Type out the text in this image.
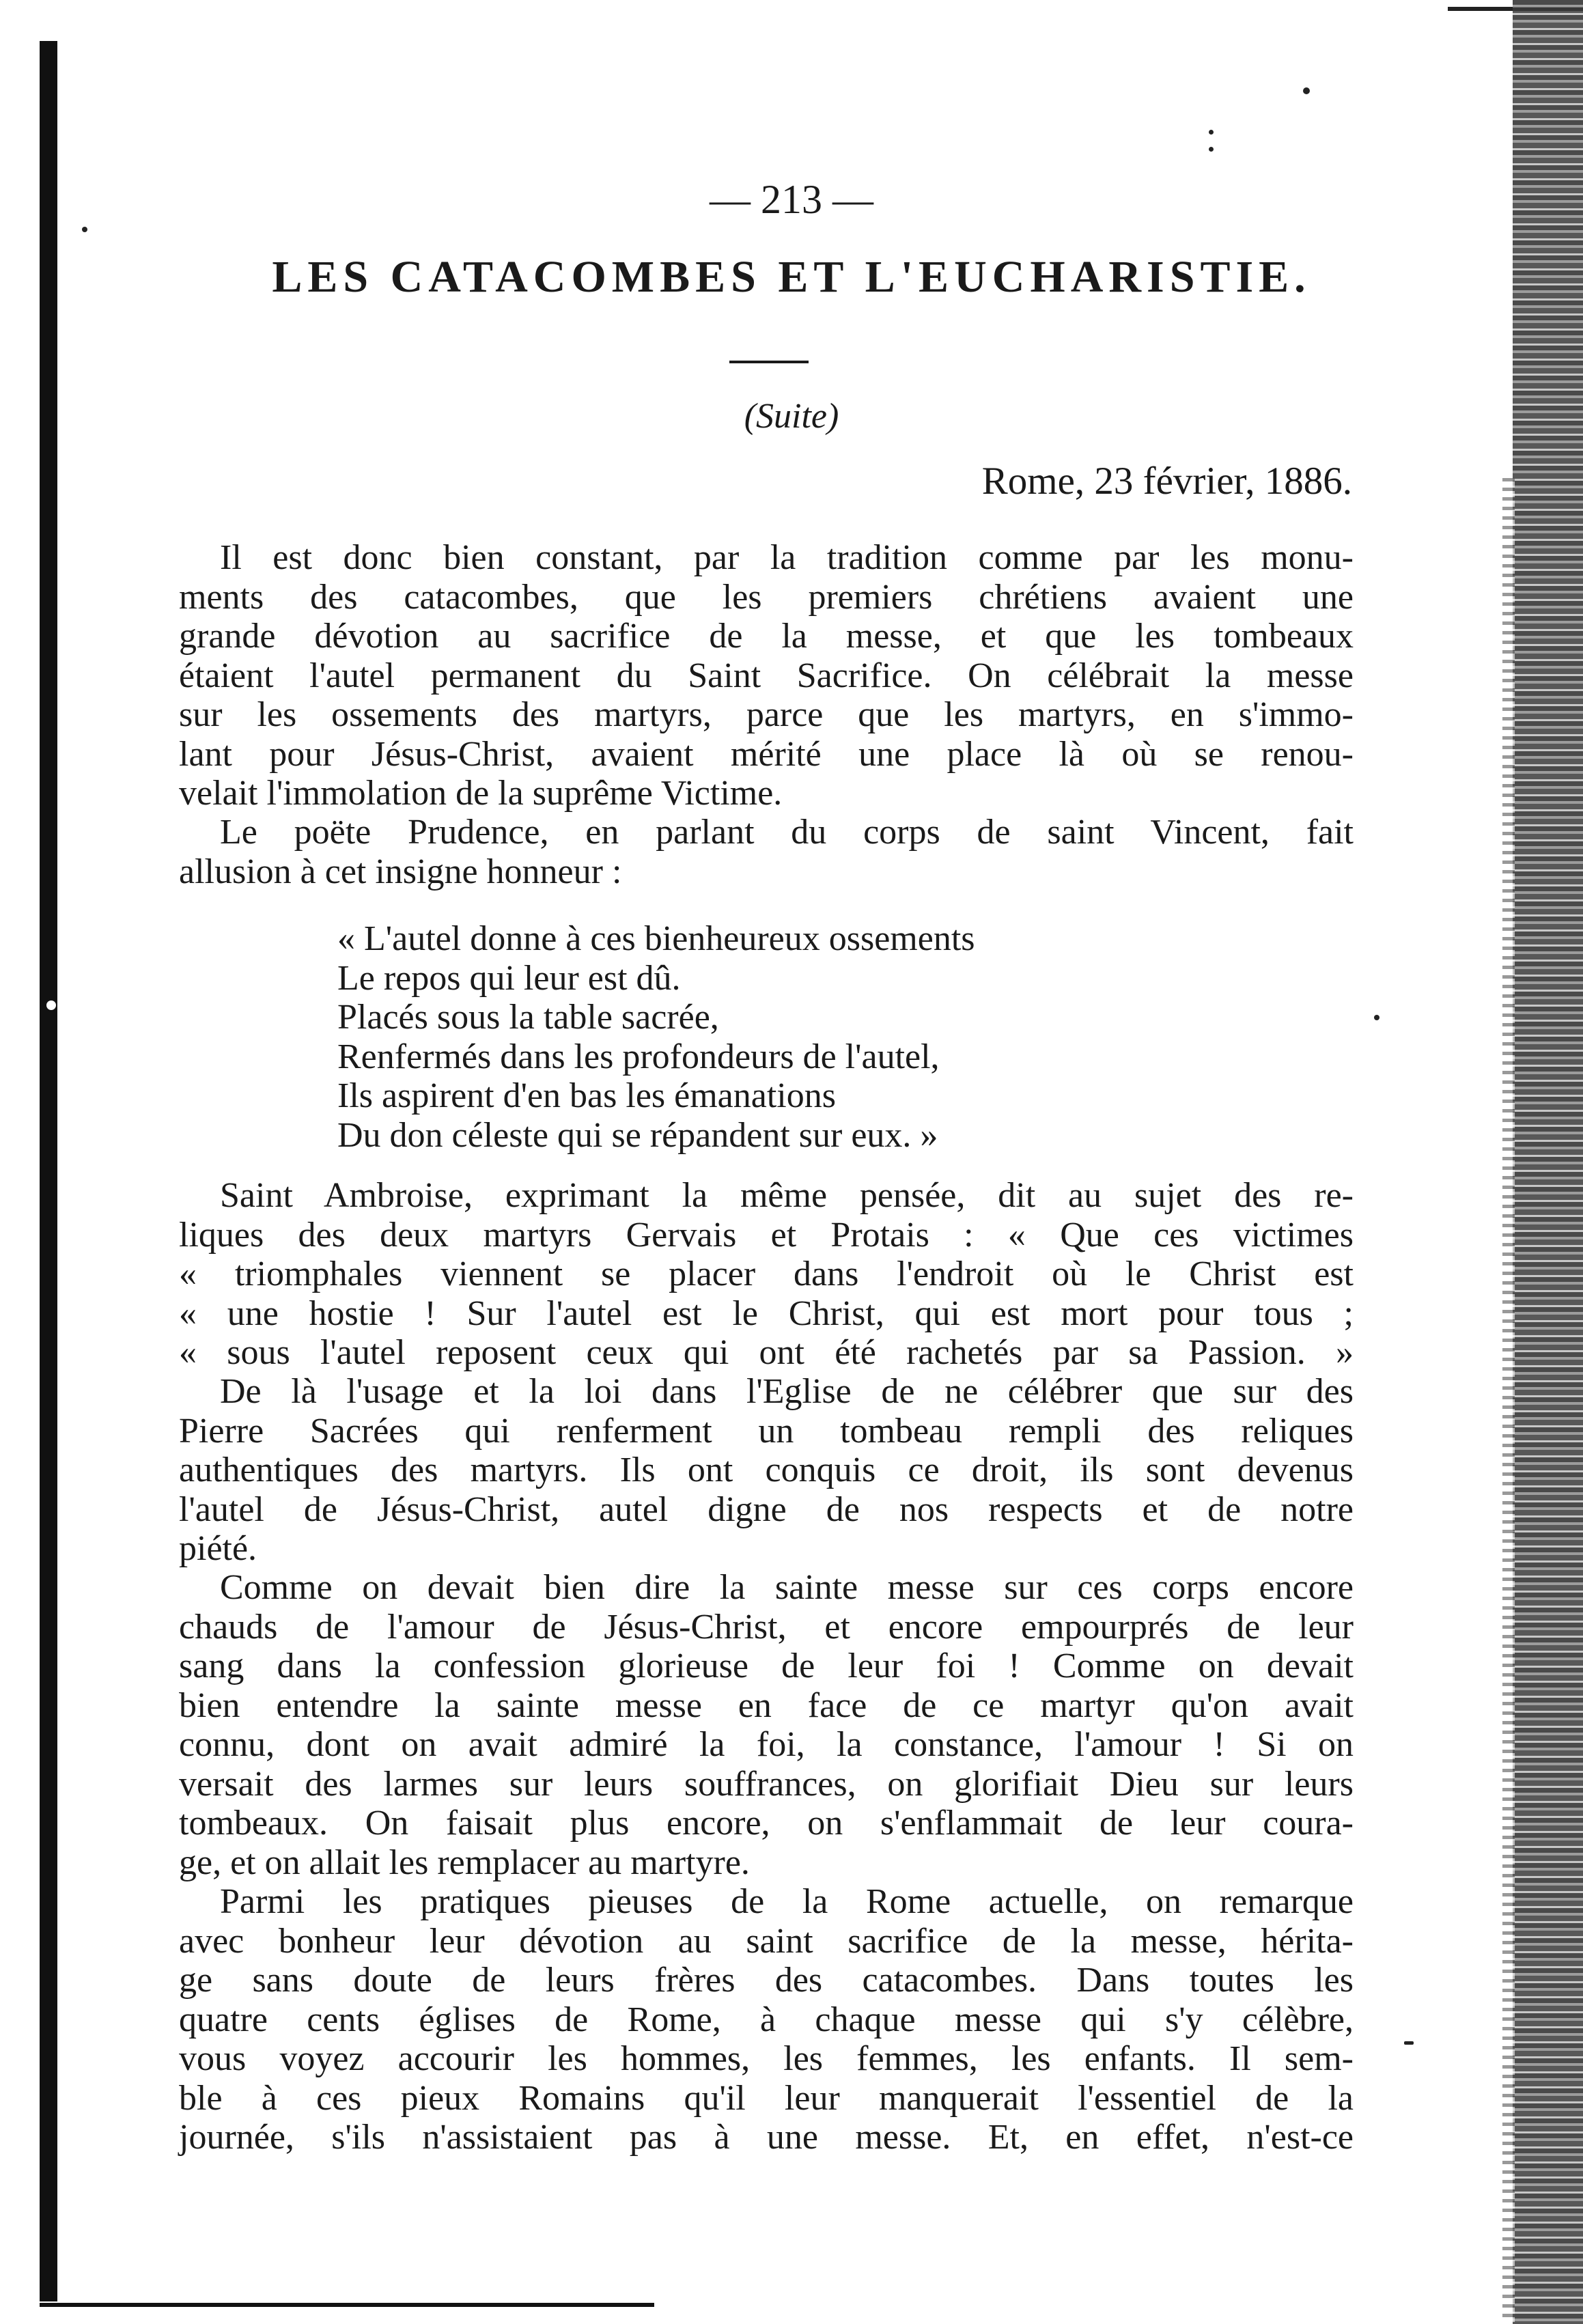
— 213 —
LES CATACOMBES ET L'EUCHARISTIE.
(Suite)
Rome, 23 février, 1886.
Il est donc bien constant, par la tradition comme par les monu-
ments des catacombes, que les premiers chrétiens avaient une
grande dévotion au sacrifice de la messe, et que les tombeaux
étaient l'autel permanent du Saint Sacrifice. On célébrait la messe
sur les ossements des martyrs, parce que les martyrs, en s'immo-
lant pour Jésus-Christ, avaient mérité une place là où se renou-
velait l'immolation de la suprême Victime.
Le poëte Prudence, en parlant du corps de saint Vincent, fait
allusion à cet insigne honneur :
« L'autel donne à ces bienheureux ossements
Le repos qui leur est dû.
Placés sous la table sacrée,
Renfermés dans les profondeurs de l'autel,
Ils aspirent d'en bas les émanations
Du don céleste qui se répandent sur eux. »
Saint Ambroise, exprimant la même pensée, dit au sujet des re-
liques des deux martyrs Gervais et Protais : « Que ces victimes
« triomphales viennent se placer dans l'endroit où le Christ est
« une hostie ! Sur l'autel est le Christ, qui est mort pour tous ;
« sous l'autel reposent ceux qui ont été rachetés par sa Passion. »
De là l'usage et la loi dans l'Eglise de ne célébrer que sur des
Pierre Sacrées qui renferment un tombeau rempli des reliques
authentiques des martyrs. Ils ont conquis ce droit, ils sont devenus
l'autel de Jésus-Christ, autel digne de nos respects et de notre
piété.
Comme on devait bien dire la sainte messe sur ces corps encore
chauds de l'amour de Jésus-Christ, et encore empourprés de leur
sang dans la confession glorieuse de leur foi ! Comme on devait
bien entendre la sainte messe en face de ce martyr qu'on avait
connu, dont on avait admiré la foi, la constance, l'amour ! Si on
versait des larmes sur leurs souffrances, on glorifiait Dieu sur leurs
tombeaux. On faisait plus encore, on s'enflammait de leur coura-
ge, et on allait les remplacer au martyre.
Parmi les pratiques pieuses de la Rome actuelle, on remarque
avec bonheur leur dévotion au saint sacrifice de la messe, hérita-
ge sans doute de leurs frères des catacombes. Dans toutes les
quatre cents églises de Rome, à chaque messe qui s'y célèbre,
vous voyez accourir les hommes, les femmes, les enfants. Il sem-
ble à ces pieux Romains qu'il leur manquerait l'essentiel de la
journée, s'ils n'assistaient pas à une messe. Et, en effet, n'est-ce
